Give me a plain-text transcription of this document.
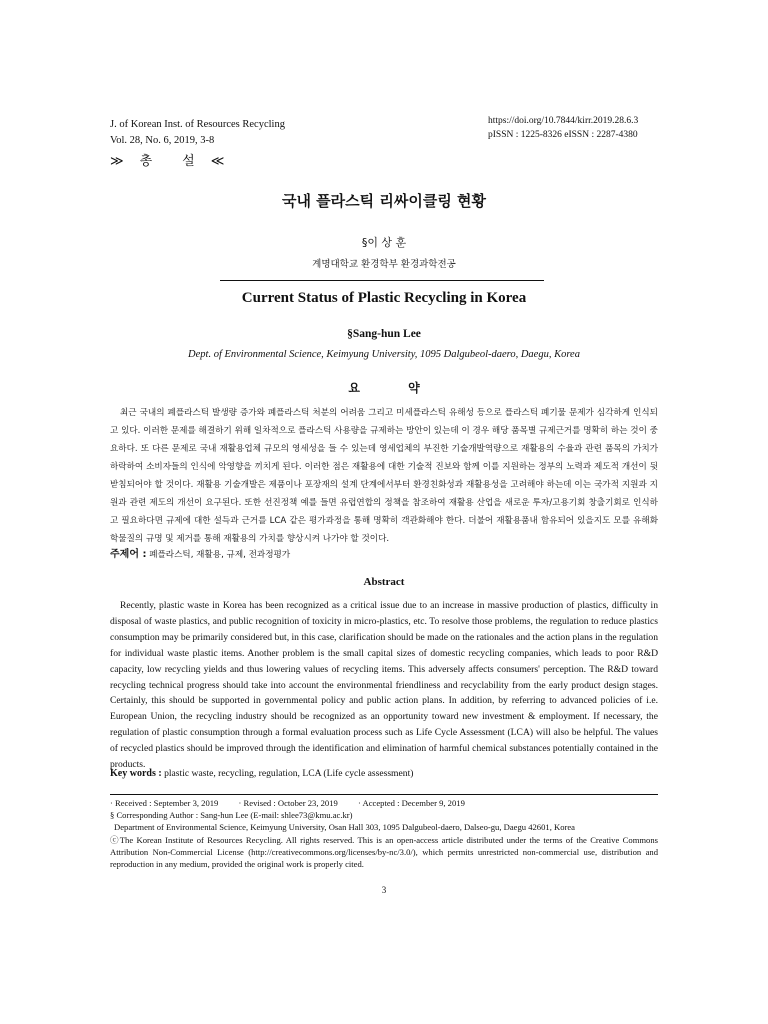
J. of Korean Inst. of Resources Recycling
Vol. 28, No. 6, 2019, 3-8
https://doi.org/10.7844/kirr.2019.28.6.3
pISSN : 1225-8326 eISSN : 2287-4380
≫ 총 설 ≪
국내 플라스틱 리싸이클링 현황
§이 상 훈
계명대학교 환경학부 환경과학전공
Current Status of Plastic Recycling in Korea
§Sang-hun Lee
Dept. of Environmental Science, Keimyung University, 1095 Dalgubeol-daero, Daegu, Korea
요 약
최근 국내의 폐플라스틱 발생량 증가와 폐플라스틱 처분의 어려움 그리고 미세플라스틱 유해성 등으로 플라스틱 폐기물 문제가 심각하게 인식되고 있다. 이러한 문제를 해결하기 위해 일차적으로 플라스틱 사용량을 규제하는 방안이 있는데 이 경우 해당 품목별 규제근거를 명확히 하는 것이 중요하다. 또 다른 문제로 국내 재활용업체 규모의 영세성을 들 수 있는데 영세업체의 부진한 기술개발역량으로 재활용의 수율과 관련 품목의 가치가 하락하여 소비자들의 인식에 악영향을 끼치게 된다. 이러한 점은 재활용에 대한 기술적 진보와 함께 이를 지원하는 정부의 노력과 제도적 개선이 뒷받침되어야 할 것이다. 재활용 기술개발은 제품이나 포장재의 설계 단계에서부터 환경친화성과 재활용성을 고려해야 하는데 이는 국가적 지원과 지원과 관련 제도의 개선이 요구된다. 또한 선진정책 예를 들면 유럽연합의 정책을 참조하여 재활용 산업을 새로운 투자/고용기회 창출기회로 인식하고 필요하다면 규제에 대한 설득과 근거를 LCA 같은 평가과정을 통해 명확히 객관화해야 한다. 더불어 재활용품내 함유되어 있을지도 모를 유해화학물질의 규명 및 제거를 통해 재활용의 가치를 향상시켜 나가야 할 것이다.
주제어 : 폐플라스틱, 재활용, 규제, 전과정평가
Abstract
Recently, plastic waste in Korea has been recognized as a critical issue due to an increase in massive production of plastics, difficulty in disposal of waste plastics, and public recognition of toxicity in micro-plastics, etc. To resolve those problems, the regulation to reduce plastics consumption may be primarily considered but, in this case, clarification should be made on the rationales and the action plans in the regulation for individual waste plastic items. Another problem is the small capital sizes of domestic recycling companies, which leads to poor R&D capacity, low recycling yields and thus lowering values of recycling items. This adversely affects consumers' perception. The R&D toward recycling technical progress should take into account the environmental friendliness and recyclability from the early product design stages. Certainly, this should be supported in governmental policy and public action plans. In addition, by referring to advanced policies of i.e. European Union, the recycling industry should be recognized as an opportunity toward new investment & employment. If necessary, the regulation of plastic consumption through a formal evaluation process such as Life Cycle Assessment (LCA) will also be helpful. The values of recycled plastics should be improved through the identification and elimination of harmful chemical substances potentially contained in the products.
Key words : plastic waste, recycling, regulation, LCA (Life cycle assessment)

· Received : September 3, 2019 · Revised : October 23, 2019 · Accepted : December 9, 2019

§ Corresponding Author : Sang-hun Lee (E-mail: shlee73@kmu.ac.kr)

Department of Environmental Science, Keimyung University, Osan Hall 303, 1095 Dalgubeol-daero, Dalseo-gu, Daegu 42601, Korea

ⓒThe Korean Institute of Resources Recycling. All rights reserved. This is an open-access article distributed under the terms of the Creative Commons Attribution Non-Commercial License (http://creativecommons.org/licenses/by-nc/3.0/), which permits unrestricted non-commercial use, distribution and reproduction in any medium, provided the original work is properly cited.

3
